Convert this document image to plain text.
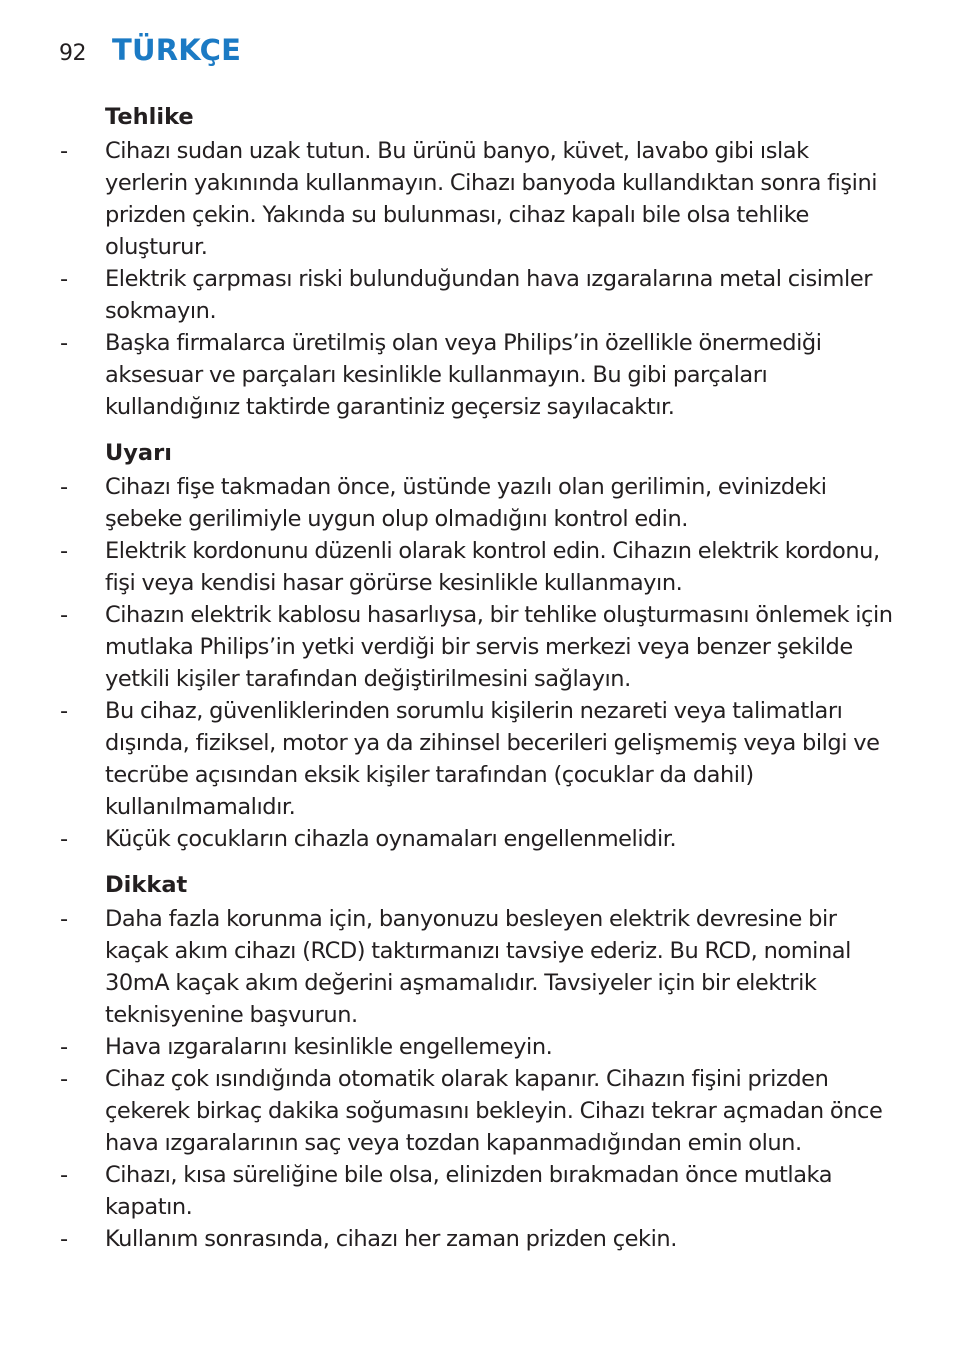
92 TÜRKÇE
Tehlike
- Cihazı sudan uzak tutun. Bu ürünü banyo, küvet, lavabo gibi ıslak yerlerin yakınında kullanmayın. Cihazı banyoda kullandıktan sonra fişini prizden çekin. Yakında su bulunması, cihaz kapalı bile olsa tehlike oluşturur.
- Elektrik çarpması riski bulunduğundan hava ızgaralarına metal cisimler sokmayın.
- Başka firmalarca üretilmiş olan veya Philips’in özellikle önermediği aksesuar ve parçaları kesinlikle kullanmayın. Bu gibi parçaları kullandığınız taktirde garantiniz geçersiz sayılacaktır.
Uyarı
- Cihazı fişe takmadan önce, üstünde yazılı olan gerilimin, evinizdeki şebeke gerilimiyle uygun olup olmadığını kontrol edin.
- Elektrik kordonunu düzenli olarak kontrol edin. Cihazın elektrik kordonu, fişi veya kendisi hasar görürse kesinlikle kullanmayın.
- Cihazın elektrik kablosu hasarlıysa, bir tehlike oluşturmasını önlemek için mutlaka Philips’in yetki verdiği bir servis merkezi veya benzer şekilde yetkili kişiler tarafından değiştirilmesini sağlayın.
- Bu cihaz, güvenliklerinden sorumlu kişilerin nezareti veya talimatları dışında, fiziksel, motor ya da zihinsel becerileri gelişmemiş veya bilgi ve tecrübe açısından eksik kişiler tarafından (çocuklar da dahil) kullanılmamalıdır.
- Küçük çocukların cihazla oynamaları engellenmelidir.
Dikkat
- Daha fazla korunma için, banyonuzu besleyen elektrik devresine bir kaçak akım cihazı (RCD) taktırmanızı tavsiye ederiz. Bu RCD, nominal 30mA kaçak akım değerini aşmamalıdır. Tavsiyeler için bir elektrik teknisyenine başvurun.
- Hava ızgaralarını kesinlikle engellemeyin.
- Cihaz çok ısındığında otomatik olarak kapanır. Cihazın fişini prizden çekerek birkaç dakika soğumasını bekleyin. Cihazı tekrar açmadan önce hava ızgaralarının saç veya tozdan kapanmadığından emin olun.
- Cihazı, kısa süreliğine bile olsa, elinizden bırakmadan önce mutlaka kapatın.
- Kullanım sonrasında, cihazı her zaman prizden çekin.
